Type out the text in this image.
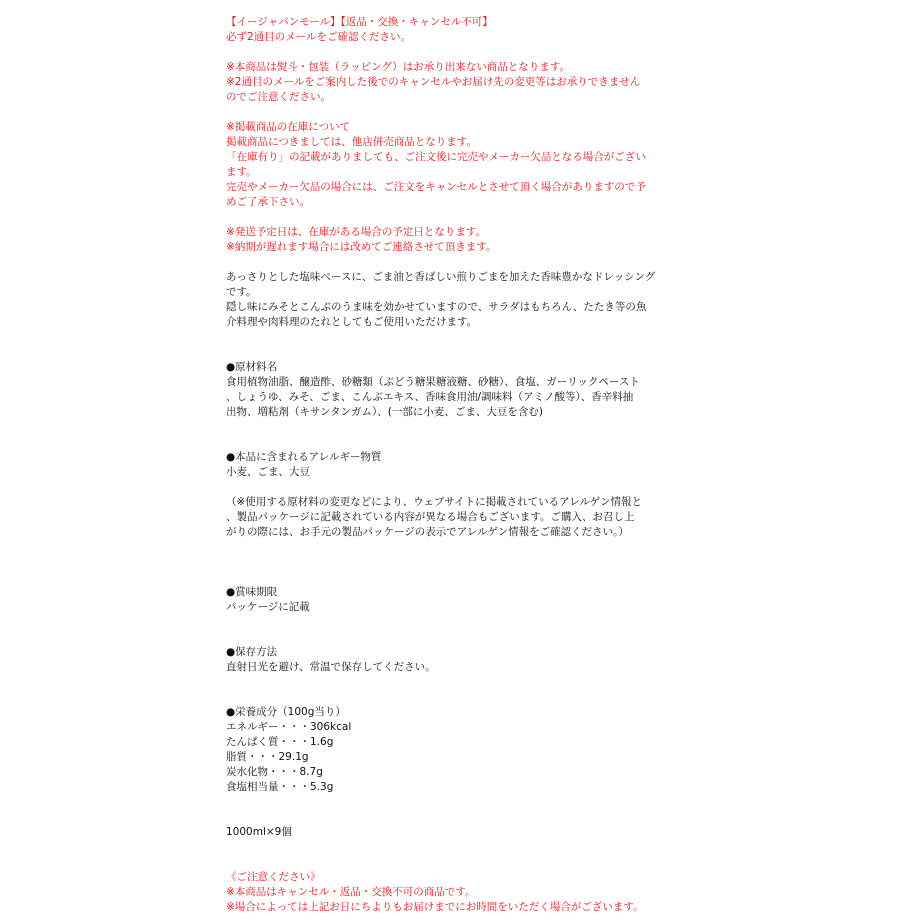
【イージャパンモール】【返品・交換・キャンセル不可】
必ず2通目のメールをご確認ください。
※本商品は熨斗・包装（ラッピング）はお承り出来ない商品となります。
※2通目のメールをご案内した後でのキャンセルやお届け先の変更等はお承りできません
のでご注意ください。
※掲載商品の在庫について
掲載商品につきましては、他店併売商品となります。
「在庫有り」の記載がありましても、ご注文後に完売やメーカー欠品となる場合がござい
ます。
完売やメーカー欠品の場合には、ご注文をキャンセルとさせて頂く場合がありますので予
めご了承下さい。
※発送予定日は、在庫がある場合の予定日となります。
※納期が遅れます場合には改めてご連絡させて頂きます。
あっさりとした塩味ベースに、ごま油と香ばしい煎りごまを加えた香味豊かなドレッシング
です。
隠し味にみそとこんぶのうま味を効かせていますので、サラダはもちろん、たたき等の魚
介料理や肉料理のたれとしてもご使用いただけます。
●原材料名
食用植物油脂、醸造酢、砂糖類（ぶどう糖果糖液糖、砂糖）、食塩、ガーリックペースト
、しょうゆ、みそ、ごま、こんぶエキス、香味食用油/調味料（アミノ酸等）、香辛料抽
出物、増粘剤（キサンタンガム）、(一部に小麦、ごま、大豆を含む)
●本品に含まれるアレルギー物質
小麦、ごま、大豆
（※使用する原材料の変更などにより、ウェブサイトに掲載されているアレルゲン情報と
、製品パッケージに記載されている内容が異なる場合もございます。ご購入、お召し上
がりの際には、お手元の製品パッケージの表示でアレルゲン情報をご確認ください。）
●賞味期限
パッケージに記載
●保存方法
直射日光を避け、常温で保存してください。
●栄養成分（100g当り）
エネルギー・・・306kcal
たんぱく質・・・1.6g
脂質・・・29.1g
炭水化物・・・8.7g
食塩相当量・・・5.3g
1000ml×9個
《ご注意ください》
※本商品はキャンセル・返品・交換不可の商品です。
※場合によっては上記お日にちよりもお届けまでにお時間をいただく場合がございます。
